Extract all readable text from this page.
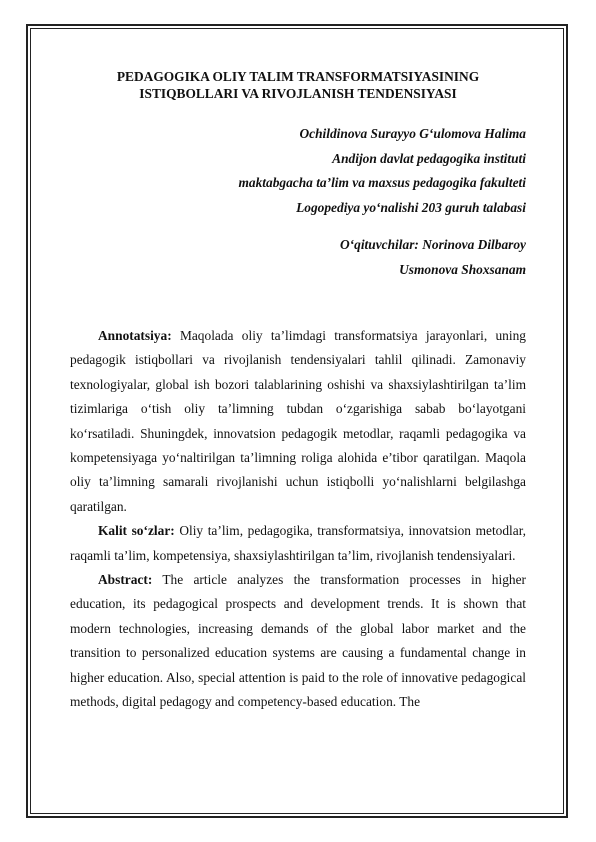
PEDAGOGIKA OLIY TALIM TRANSFORMATSIYASINING
ISTIQBOLLARI VA RIVOJLANISH TENDENSIYASI
Ochildinova Surayyo G‘ulomova Halima
Andijon davlat pedagogika instituti
maktabgacha ta’lim va maxsus pedagogika fakulteti
Logopediya yo‘nalishi 203 guruh talabasi
O‘qituvchilar: Norinova Dilbaroy
Usmonova Shoxsanam

Annotatsiya: Maqolada oliy ta’limdagi transformatsiya jarayonlari, uning pedagogik istiqbollari va rivojlanish tendensiyalari tahlil qilinadi. Zamonaviy texnologiyalar, global ish bozori talablarining oshishi va shaxsiylashtirilgan ta’lim tizimlariga o‘tish oliy ta’limning tubdan o‘zgarishiga sabab bo‘layotgani ko‘rsatiladi. Shuningdek, innovatsion pedagogik metodlar, raqamli pedagogika va kompetensiyaga yo‘naltirilgan ta’limning roliga alohida e’tibor qaratilgan. Maqola oliy ta’limning samarali rivojlanishi uchun istiqbolli yo‘nalishlarni belgilashga qaratilgan.

Kalit so‘zlar: Oliy ta’lim, pedagogika, transformatsiya, innovatsion metodlar, raqamli ta’lim, kompetensiya, shaxsiylashtirilgan ta’lim, rivojlanish tendensiyalari.

Abstract: The article analyzes the transformation processes in higher education, its pedagogical prospects and development trends. It is shown that modern technologies, increasing demands of the global labor market and the transition to personalized education systems are causing a fundamental change in higher education. Also, special attention is paid to the role of innovative pedagogical methods, digital pedagogy and competency-based education. The
